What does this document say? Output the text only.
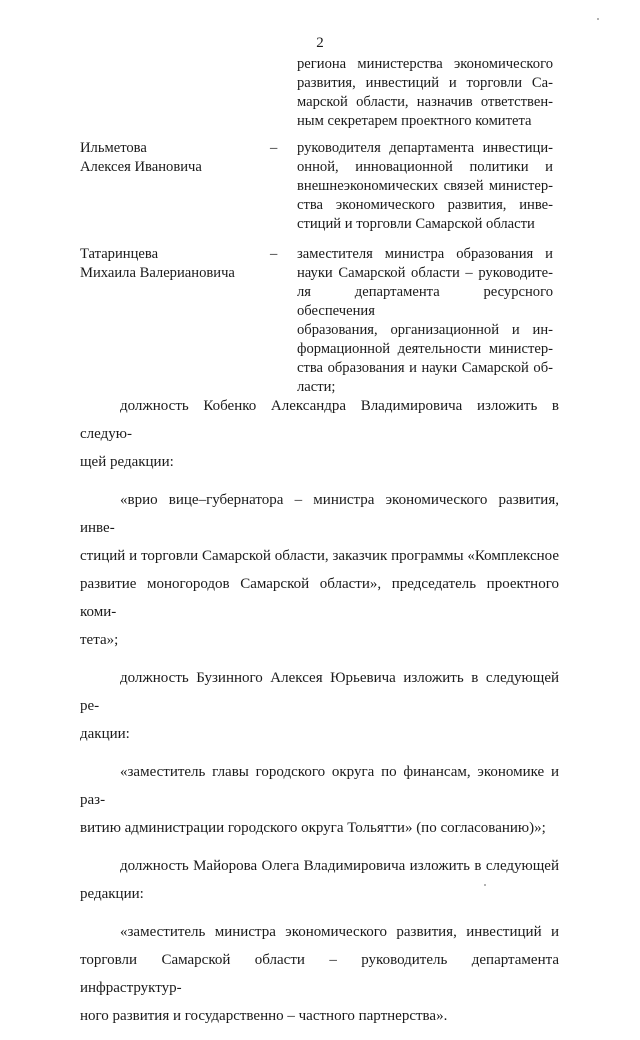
2
региона министерства экономического
развития, инвестиций и торговли Са-
марской области, назначив ответствен-
ным секретарем проектного комитета
Ильметова
Алексея Ивановича
– руководителя департамента инвестици-
онной, инновационной политики и
внешнеэкономических связей министер-
ства экономического развития, инве-
стиций и торговли Самарской области
Татаринцева
Михаила Валериановича
– заместителя министра образования и
науки Самарской области – руководите-
ля департамента ресурсного обеспечения
образования, организационной и ин-
формационной деятельности министер-
ства образования и науки Самарской об-
ласти;
должность Кобенко Александра Владимировича изложить в следую-
щей редакции:
«врио вице–губернатора – министра экономического развития, инве-
стиций и торговли Самарской области, заказчик программы «Комплексное
развитие моногородов Самарской области», председатель проектного коми-
тета»;
должность Бузинного Алексея Юрьевича изложить в следующей ре-
дакции:
«заместитель главы городского округа по финансам, экономике и раз-
витию администрации городского округа Тольятти» (по согласованию)»;
должность Майорова Олега Владимировича изложить в следующей
редакции:
«заместитель министра экономического развития, инвестиций и
торговли Самарской области – руководитель департамента инфраструктур-
ного развития и государственно – частного партнерства».
